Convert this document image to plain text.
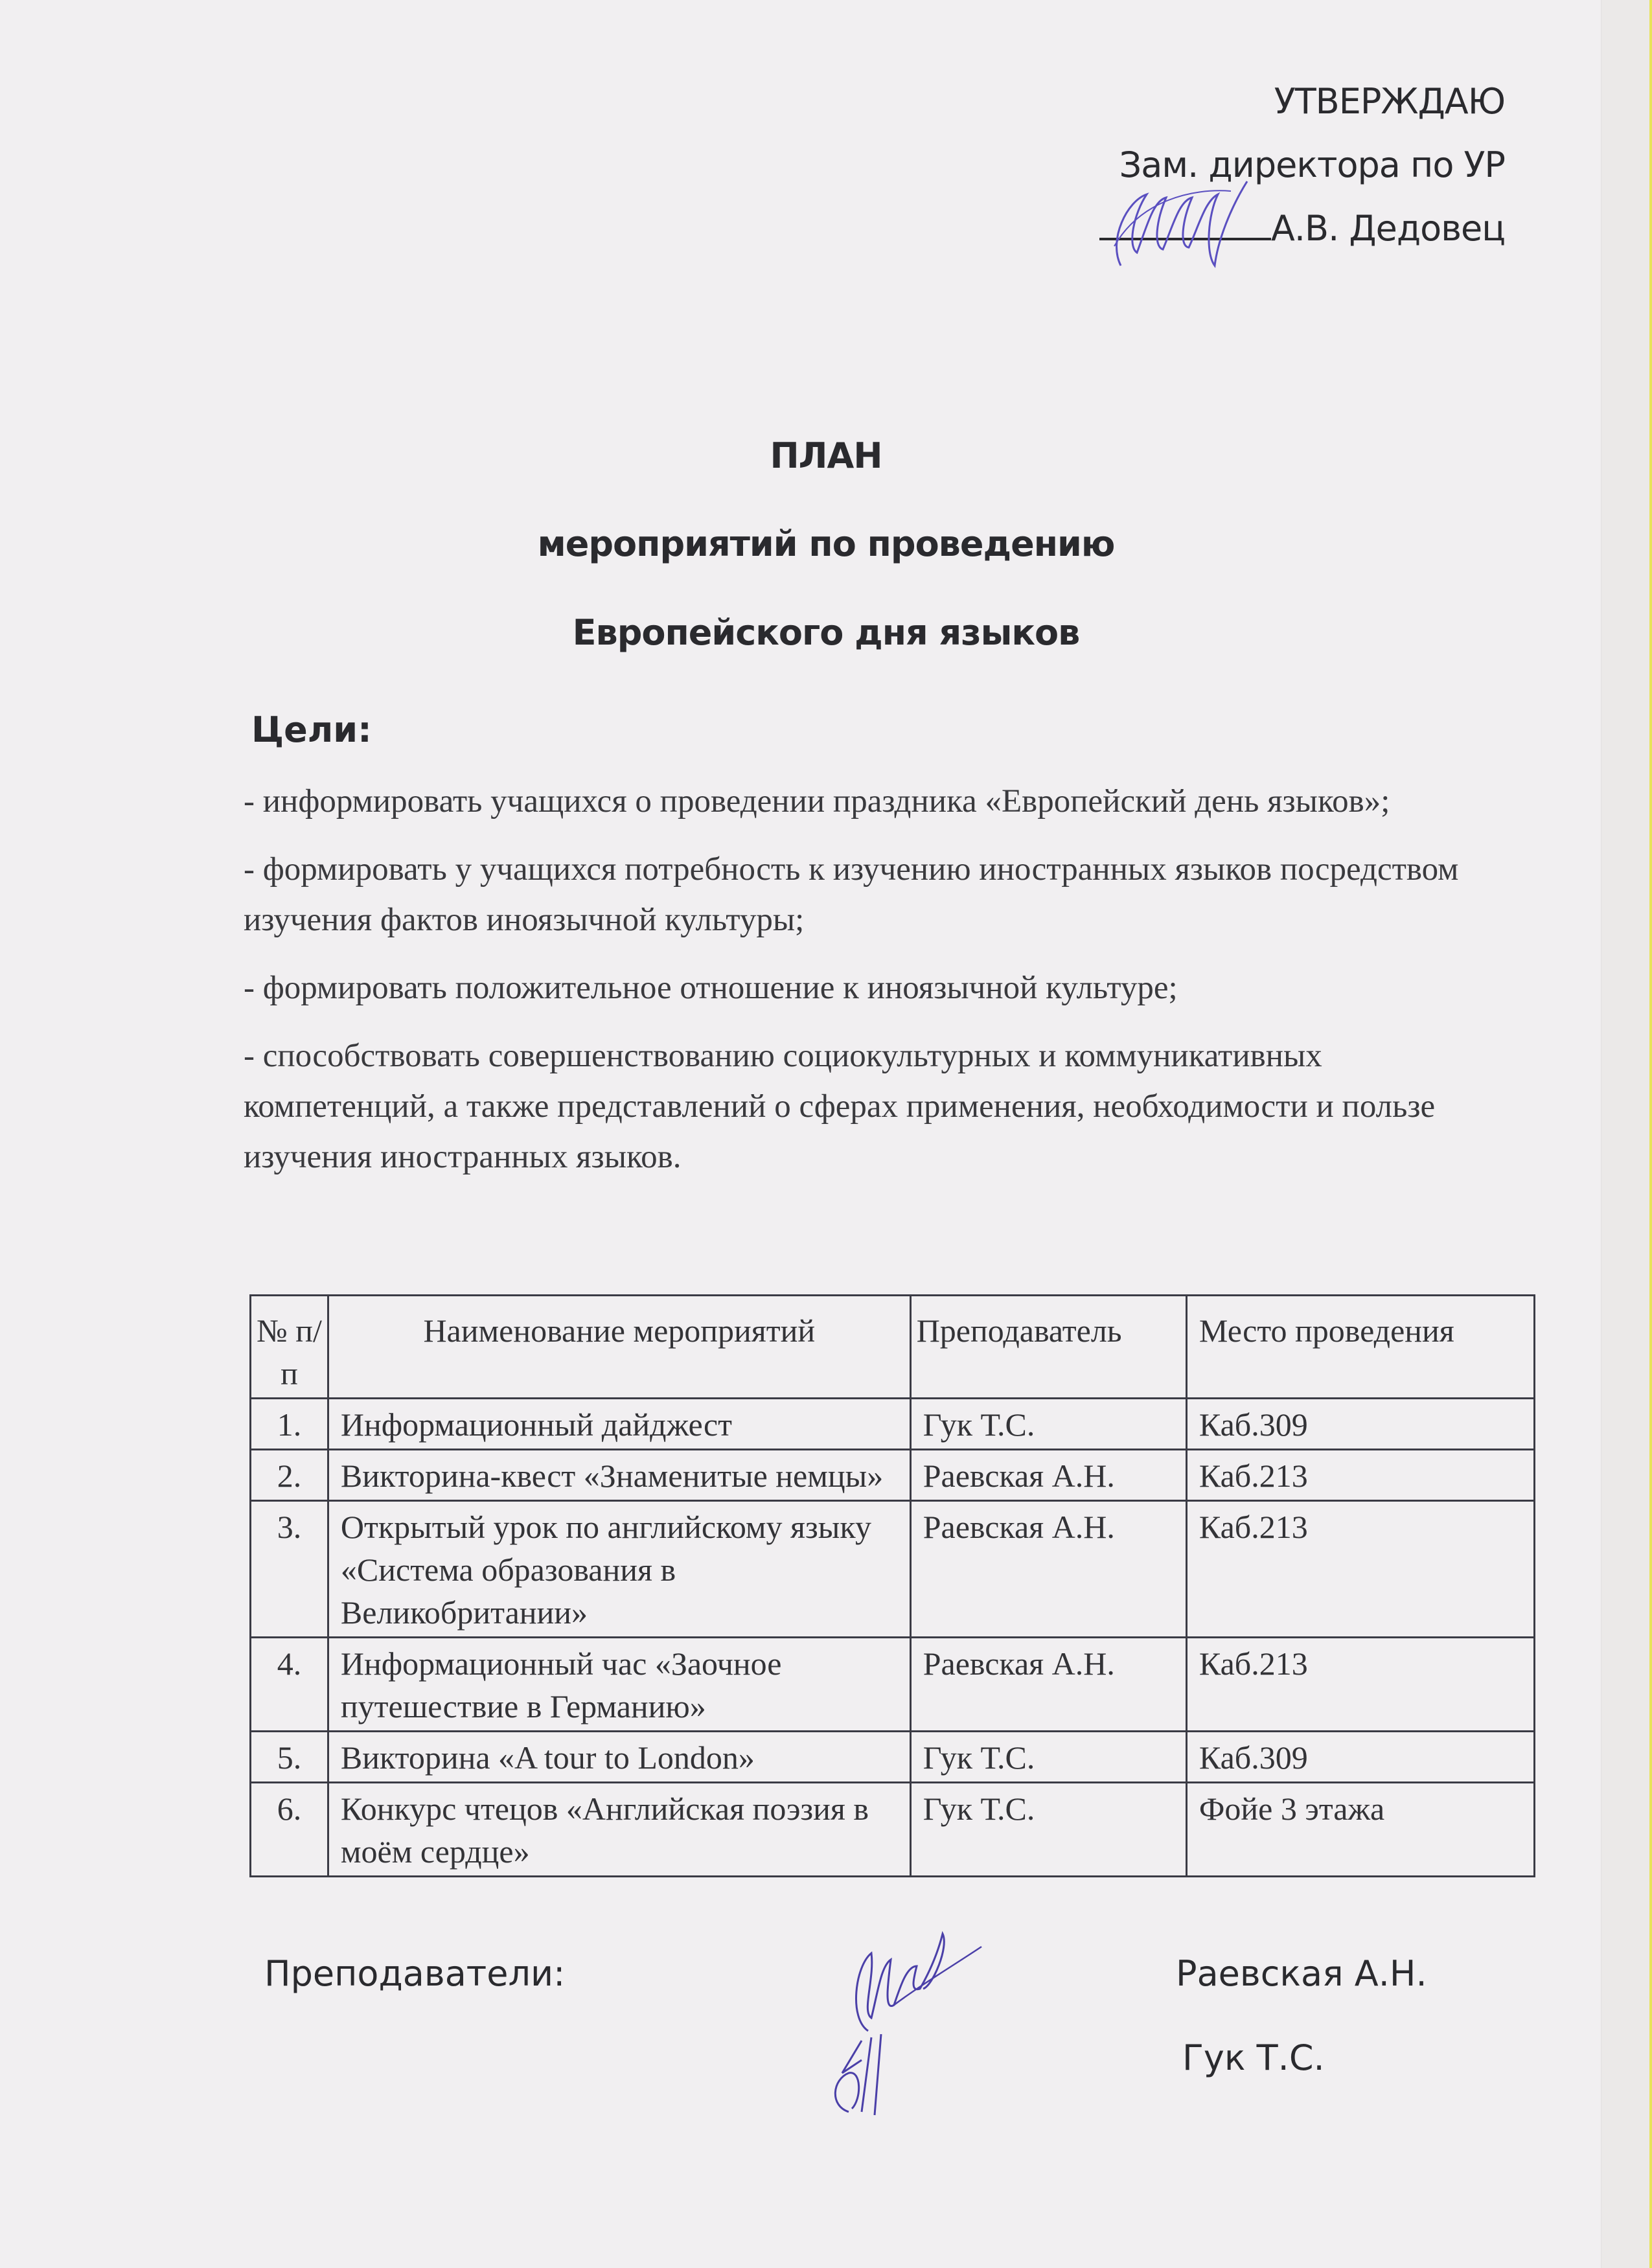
УТВЕРЖДАЮ
Зам. директора по УР
А.В. Дедовец
ПЛАН
мероприятий по проведению
Европейского дня языков
Цели:

- информировать учащихся о проведении праздника «Европейский день языков»;

- формировать у учащихся потребность к изучению иностранных языков посредством изучения фактов иноязычной культуры;

- формировать положительное отношение к иноязычной культуре;

- способствовать совершенствованию социокультурных и коммуникативных компетенций, а также представлений о сферах применения, необходимости и пользе изучения иностранных языков.

№ п/п	Наименование мероприятий	Преподаватель	Место проведения
1.	Информационный дайджест	Гук Т.С.	Каб.309
2.	Викторина-квест «Знаменитые немцы»	Раевская А.Н.	Каб.213
3.	Открытый урок по английскому языку «Система образования в Великобритании»	Раевская А.Н.	Каб.213
4.	Информационный час «Заочное путешествие в Германию»	Раевская А.Н.	Каб.213
5.	Викторина «A tour to London»	Гук Т.С.	Каб.309
6.	Конкурс чтецов «Английская поэзия в моём сердце»	Гук Т.С.	Фойе 3 этажа
Преподаватели:	Раевская А.Н.
Гук Т.С.
